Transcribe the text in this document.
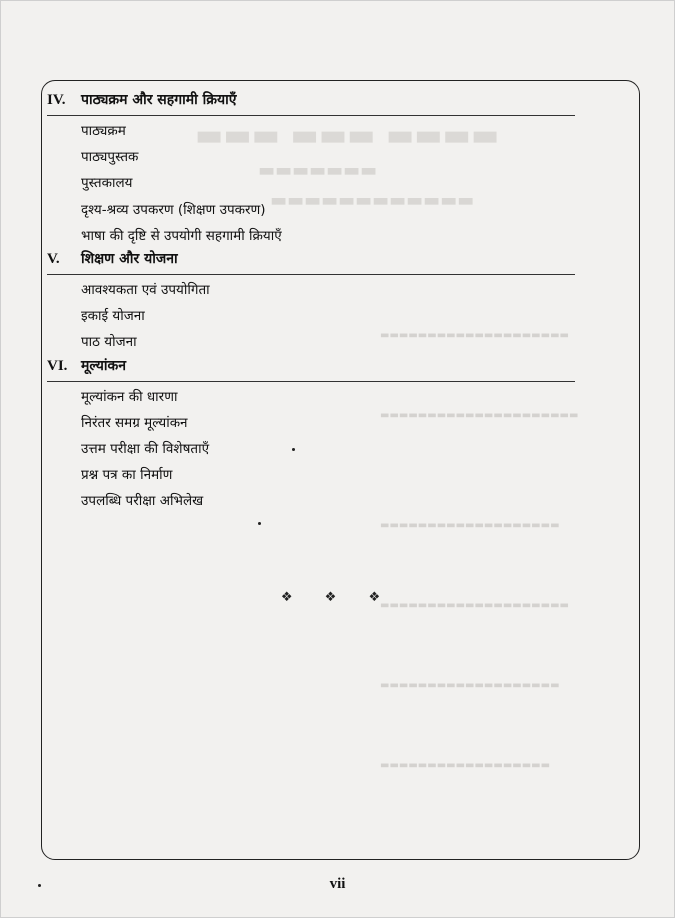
▬▬▬ ▬▬▬ ▬▬▬▬
▬▬▬▬▬▬▬
▬▬▬▬▬▬▬▬▬▬▬▬
▬▬▬▬▬▬▬▬▬▬▬▬▬▬▬▬▬▬▬▬
▬▬▬▬▬▬▬▬▬▬▬▬▬▬▬▬▬▬▬▬▬
▬▬▬▬▬▬▬▬▬▬▬▬▬▬▬▬▬▬▬
▬▬▬▬▬▬▬▬▬▬▬▬▬▬▬▬▬▬▬▬
▬▬▬▬▬▬▬▬▬▬▬▬▬▬▬▬▬▬▬
▬▬▬▬▬▬▬▬▬▬▬▬▬▬▬▬▬▬
IV.	पाठ्यक्रम और सहगामी क्रियाएँ
पाठ्यक्रम
पाठ्यपुस्तक
पुस्तकालय
दृश्य-श्रव्य उपकरण (शिक्षण उपकरण)
भाषा की दृष्टि से उपयोगी सहगामी क्रियाएँ
V.	शिक्षण और योजना
आवश्यकता एवं उपयोगिता
इकाई योजना
पाठ योजना
VI. मूल्यांकन
मूल्यांकन की धारणा
निरंतर समग्र मूल्यांकन
उत्तम परीक्षा की विशेषताएँ
प्रश्न पत्र का निर्माण
उपलब्धि परीक्षा अभिलेख
❖ ❖ ❖
vii
